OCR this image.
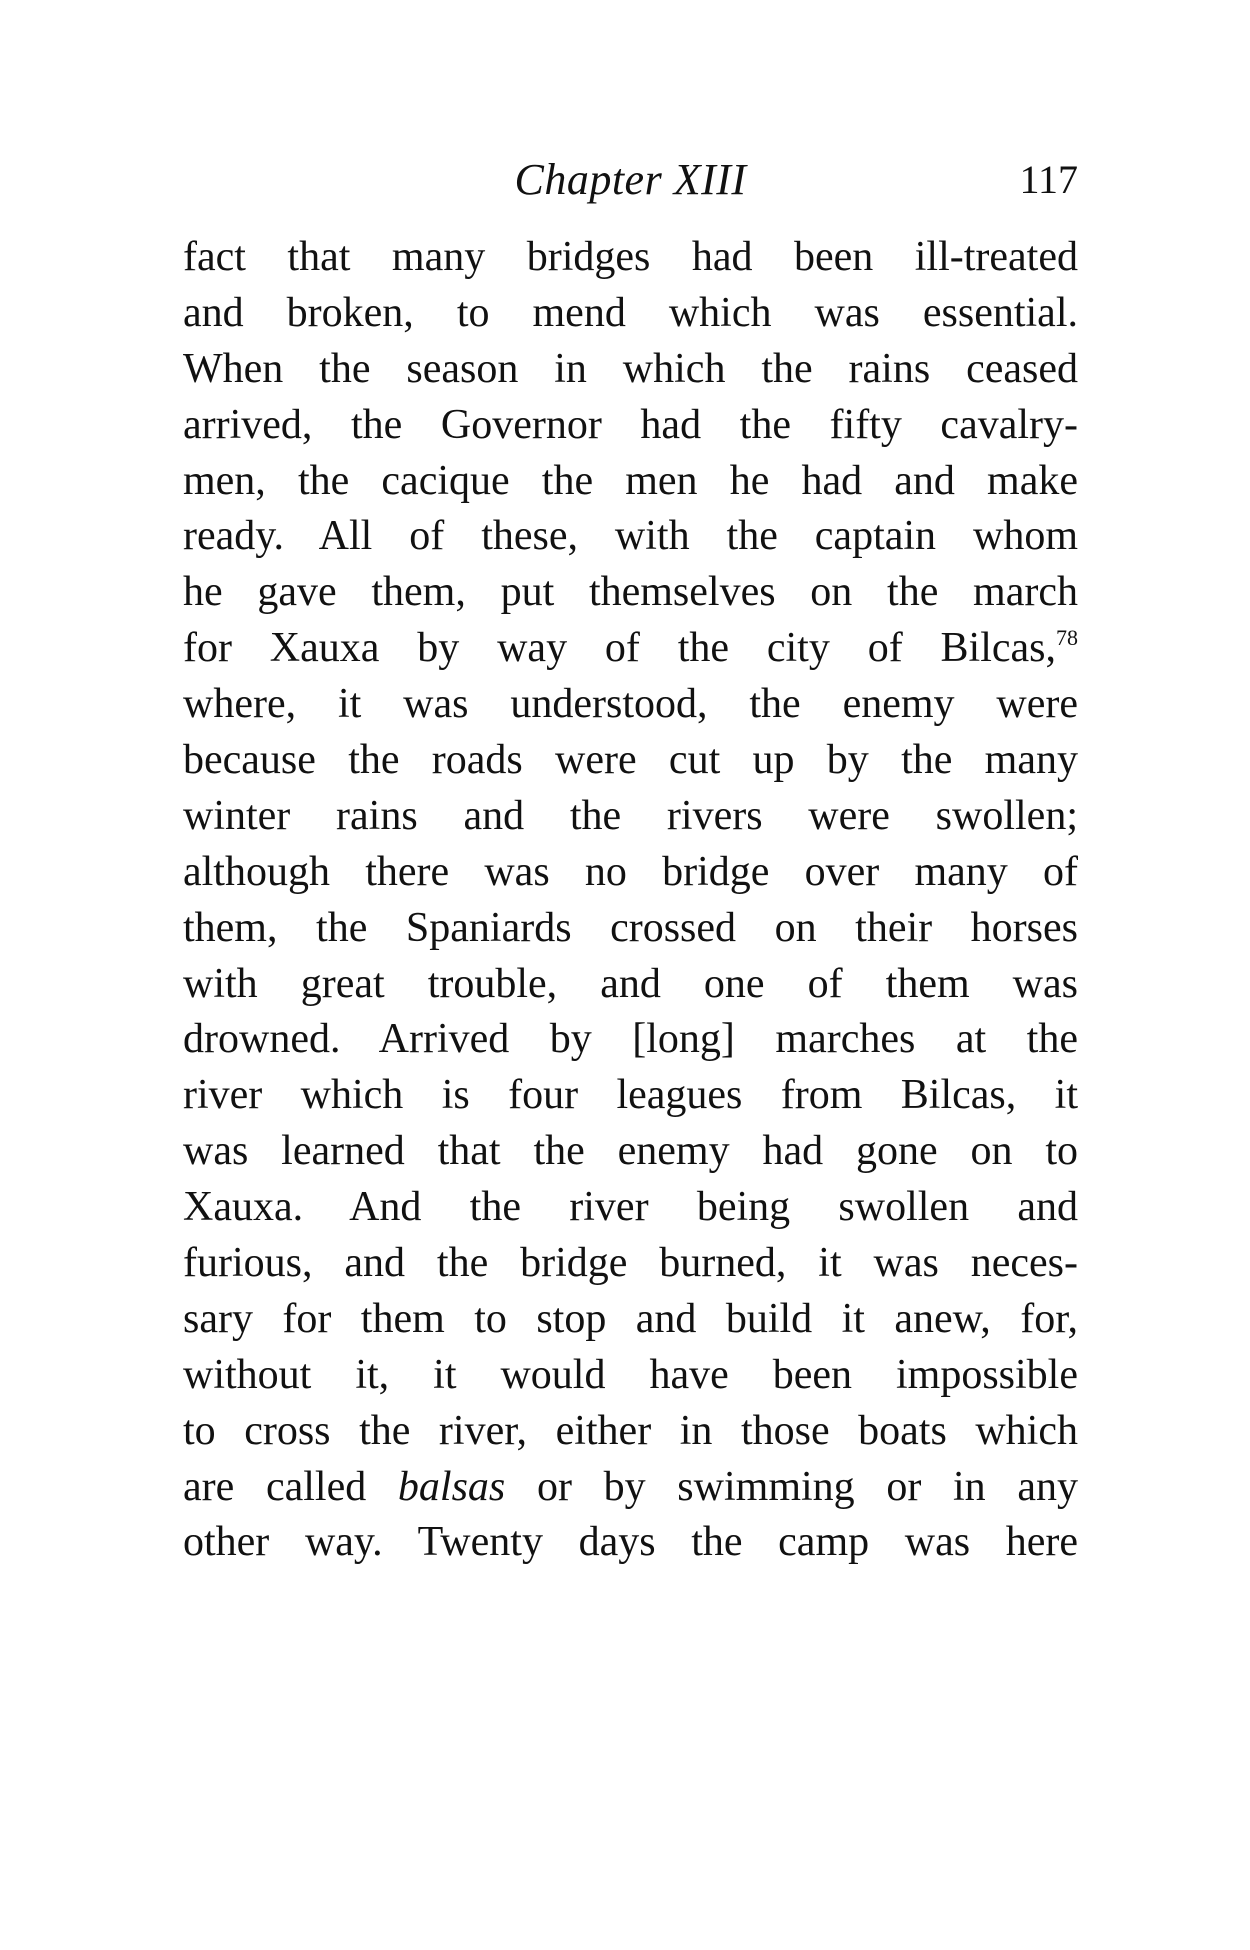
Chapter XIII	117
fact that many bridges had been ill-treated
and broken, to mend which was essential.
When the season in which the rains ceased
arrived, the Governor had the fifty cavalry-
men, the cacique the men he had and make
ready. All of these, with the captain whom
he gave them, put themselves on the march
for Xauxa by way of the city of Bilcas,$^{78}$
where, it was understood, the enemy were
because the roads were cut up by the many
winter rains and the rivers were swollen;
although there was no bridge over many of
them, the Spaniards crossed on their horses
with great trouble, and one of them was
drowned. Arrived by [long] marches at the
river which is four leagues from Bilcas, it
was learned that the enemy had gone on to
Xauxa. And the river being swollen and
furious, and the bridge burned, it was neces-
sary for them to stop and build it anew, for,
without it, it would have been impossible
to cross the river, either in those boats which
are called balsas or by swimming or in any
other way. Twenty days the camp was here
